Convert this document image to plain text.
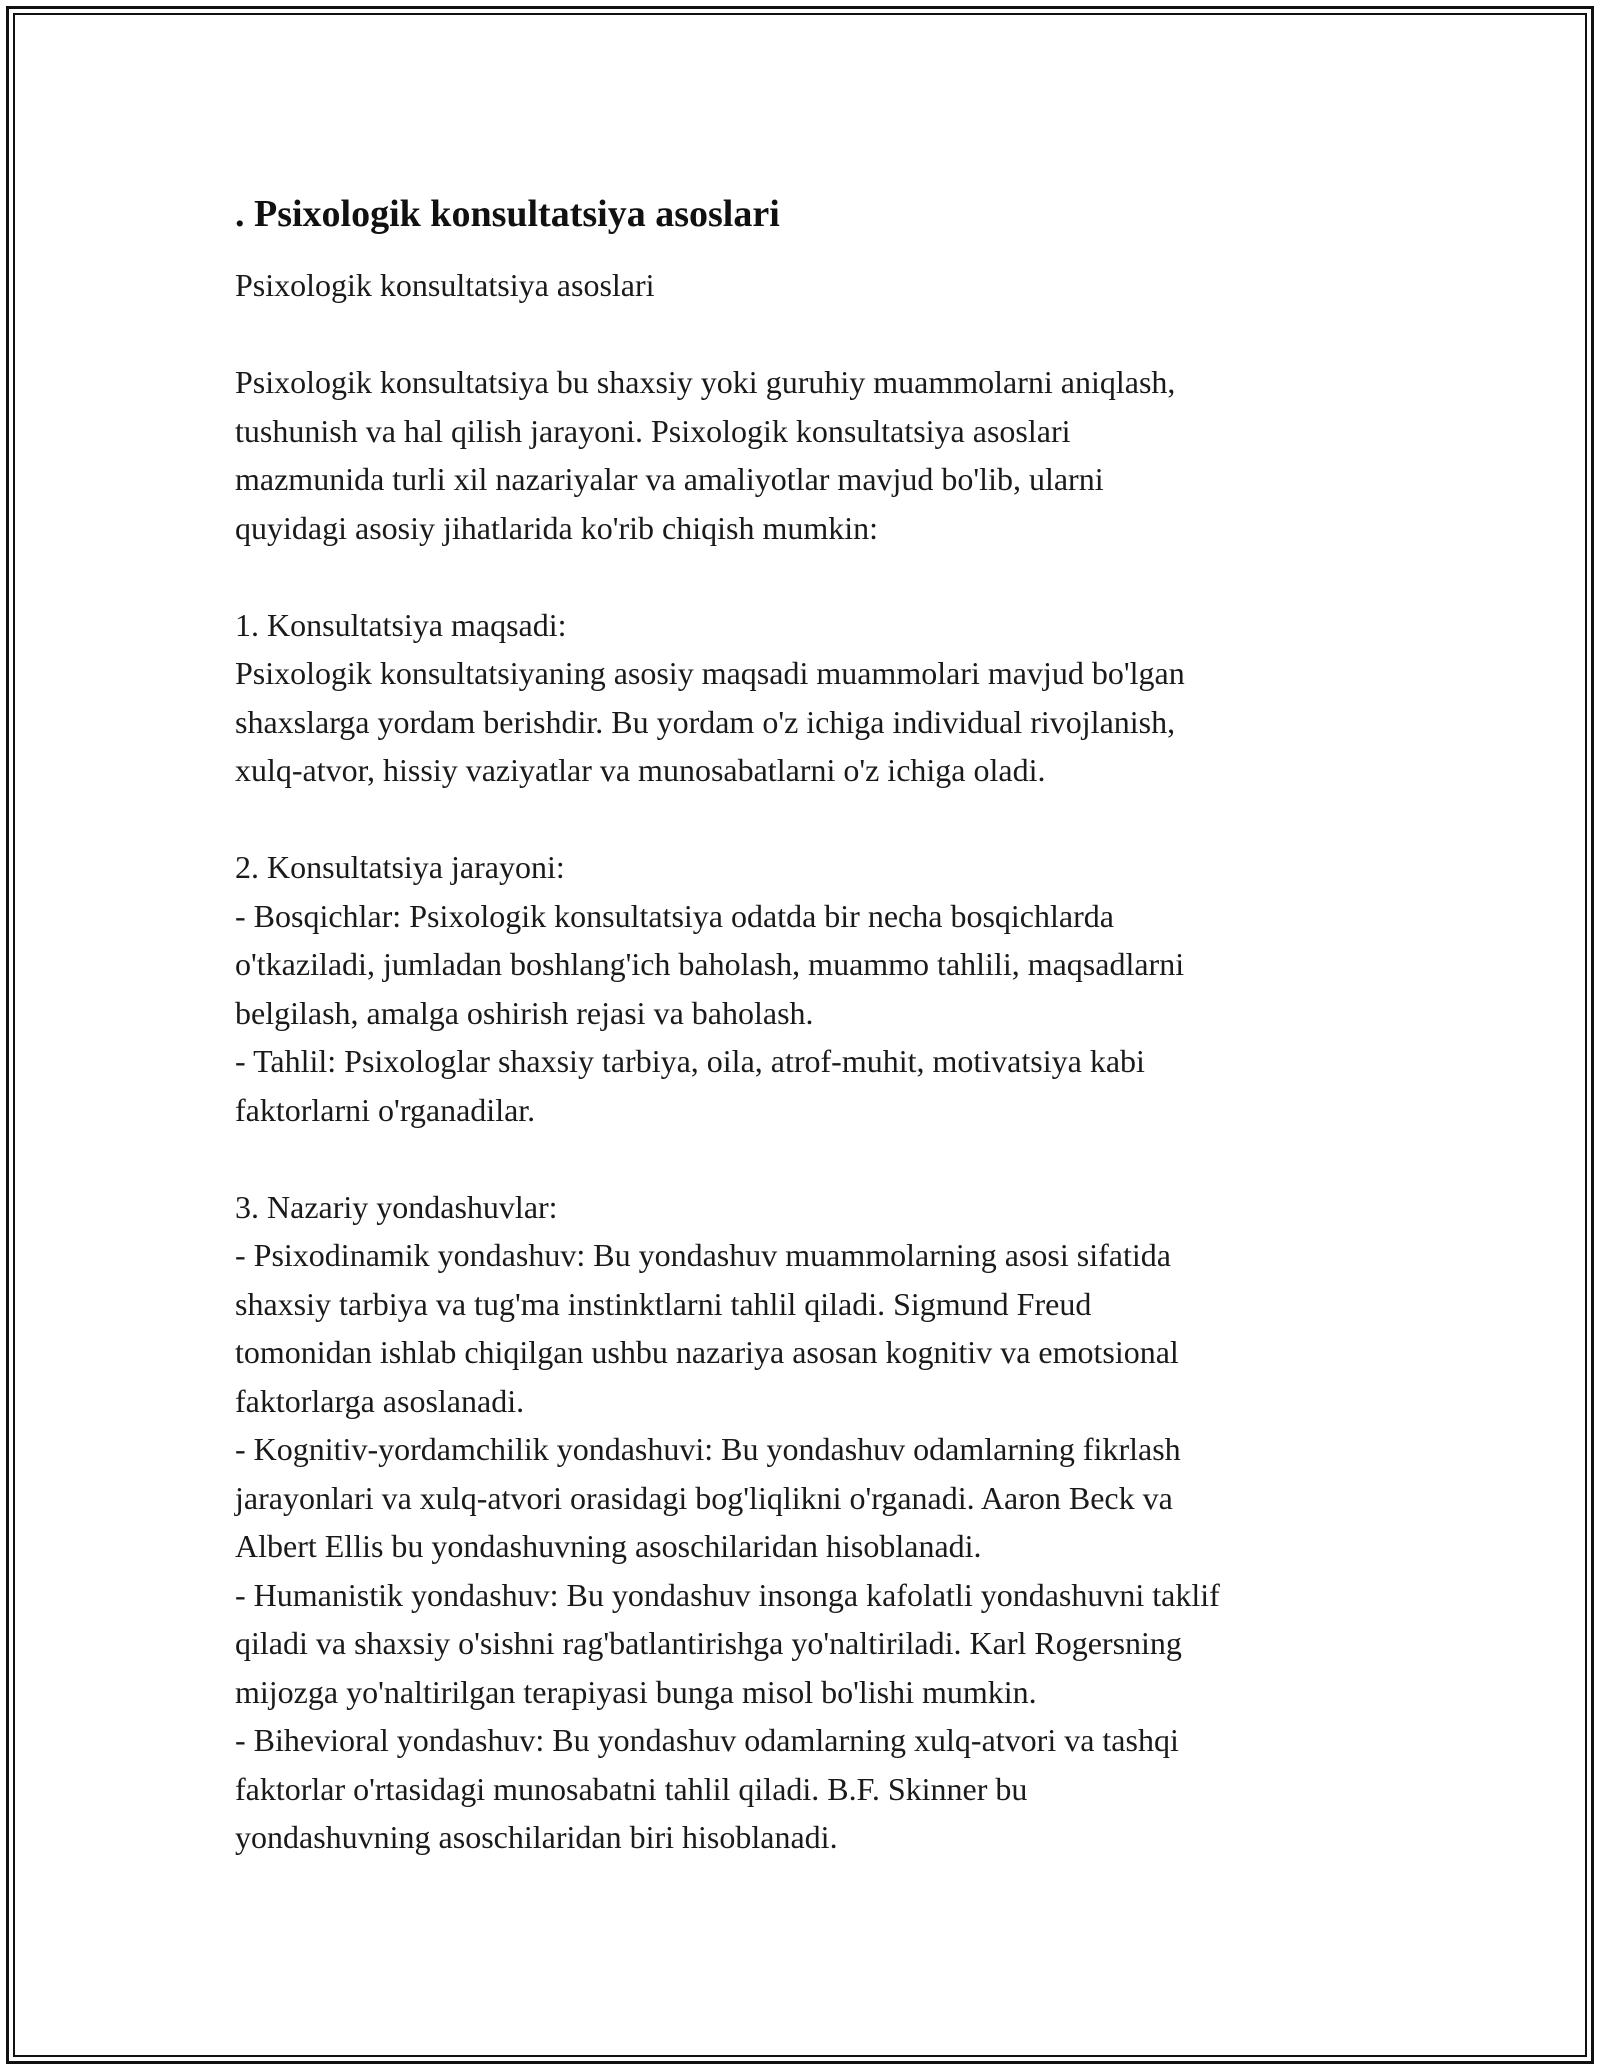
. Psixologik konsultatsiya asoslari

Psixologik konsultatsiya asoslari

Psixologik konsultatsiya bu shaxsiy yoki guruhiy muammolarni aniqlash,

tushunish va hal qilish jarayoni. Psixologik konsultatsiya asoslari

mazmunida turli xil nazariyalar va amaliyotlar mavjud bo'lib, ularni

quyidagi asosiy jihatlarida ko'rib chiqish mumkin:

1. Konsultatsiya maqsadi:

Psixologik konsultatsiyaning asosiy maqsadi muammolari mavjud bo'lgan

shaxslarga yordam berishdir. Bu yordam o'z ichiga individual rivojlanish,

xulq-atvor, hissiy vaziyatlar va munosabatlarni o'z ichiga oladi.

2. Konsultatsiya jarayoni:

- Bosqichlar: Psixologik konsultatsiya odatda bir necha bosqichlarda

o'tkaziladi, jumladan boshlang'ich baholash, muammo tahlili, maqsadlarni

belgilash, amalga oshirish rejasi va baholash.

- Tahlil: Psixologlar shaxsiy tarbiya, oila, atrof-muhit, motivatsiya kabi

faktorlarni o'rganadilar.

3. Nazariy yondashuvlar:

- Psixodinamik yondashuv: Bu yondashuv muammolarning asosi sifatida

shaxsiy tarbiya va tug'ma instinktlarni tahlil qiladi. Sigmund Freud

tomonidan ishlab chiqilgan ushbu nazariya asosan kognitiv va emotsional

faktorlarga asoslanadi.

- Kognitiv-yordamchilik yondashuvi: Bu yondashuv odamlarning fikrlash

jarayonlari va xulq-atvori orasidagi bog'liqlikni o'rganadi. Aaron Beck va

Albert Ellis bu yondashuvning asoschilaridan hisoblanadi.

- Humanistik yondashuv: Bu yondashuv insonga kafolatli yondashuvni taklif

qiladi va shaxsiy o'sishni rag'batlantirishga yo'naltiriladi. Karl Rogersning

mijozga yo'naltirilgan terapiyasi bunga misol bo'lishi mumkin.

- Bihevioral yondashuv: Bu yondashuv odamlarning xulq-atvori va tashqi

faktorlar o'rtasidagi munosabatni tahlil qiladi. B.F. Skinner bu

yondashuvning asoschilaridan biri hisoblanadi.
